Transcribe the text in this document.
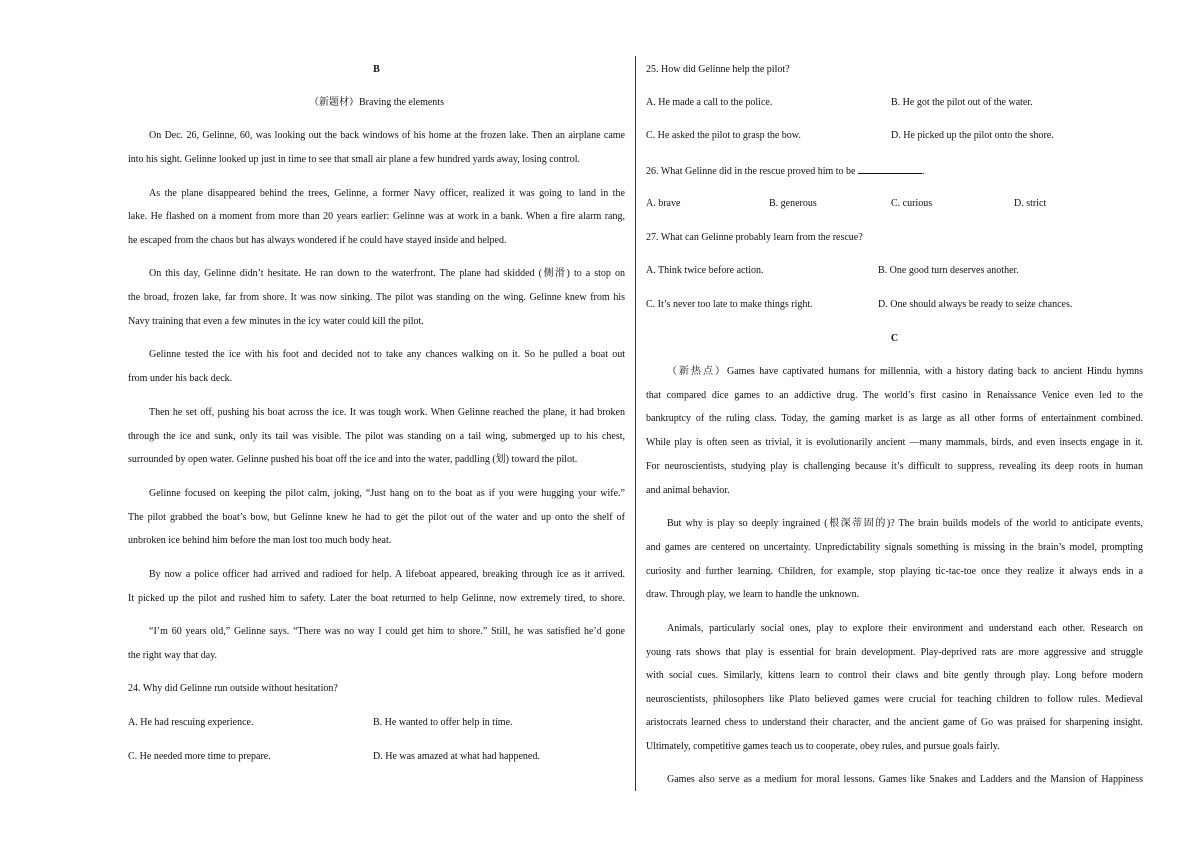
B
（新题材）Braving the elements
On Dec. 26, Gelinne, 60, was looking out the back windows of his home at the frozen lake. Then an airplane came
into his sight. Gelinne looked up just in time to see that small air plane a few hundred yards away, losing control.
As the plane disappeared behind the trees, Gelinne, a former Navy officer, realized it was going to land in the
lake. He flashed on a moment from more than 20 years earlier: Gelinne was at work in a bank. When a fire alarm rang,
he escaped from the chaos but has always wondered if he could have stayed inside and helped.
On this day, Gelinne didn’t hesitate. He ran down to the waterfront. The plane had skidded (侧滑) to a stop on
the broad, frozen lake, far from shore. It was now sinking. The pilot was standing on the wing. Gelinne knew from his
Navy training that even a few minutes in the icy water could kill the pilot.
Gelinne tested the ice with his foot and decided not to take any chances walking on it. So he pulled a boat out
from under his back deck.
Then he set off, pushing his boat across the ice. It was tough work. When Gelinne reached the plane, it had broken
through the ice and sunk, only its tail was visible. The pilot was standing on a tail wing, submerged up to his chest,
surrounded by open water. Gelinne pushed his boat off the ice and into the water, paddling (划) toward the pilot.
Gelinne focused on keeping the pilot calm, joking, “Just hang on to the boat as if you were hugging your wife.”
The pilot grabbed the boat’s bow, but Gelinne knew he had to get the pilot out of the water and up onto the shelf of
unbroken ice behind him before the man lost too much body heat.
By now a police officer had arrived and radioed for help. A lifeboat appeared, breaking through ice as it arrived.
It picked up the pilot and rushed him to safety. Later the boat returned to help Gelinne, now extremely tired, to shore.
“I’m 60 years old,” Gelinne says. “There was no way I could get him to shore.” Still, he was satisfied he’d gone
the right way that day.
24. Why did Gelinne run outside without hesitation?
A. He had rescuing experience.	B. He wanted to offer help in time.
C. He needed more time to prepare.	D. He was amazed at what had happened.
25. How did Gelinne help the pilot?
A. He made a call to the police.	B. He got the pilot out of the water.
C. He asked the pilot to grasp the bow.	D. He picked up the pilot onto the shore.
26. What Gelinne did in the rescue proved him to be	.
A. brave	B. generous	C. curious	D. strict
27. What can Gelinne probably learn from the rescue?
A. Think twice before action.	B. One good turn deserves another.
C. It’s never too late to make things right.	D. One should always be ready to seize chances.
C
（新热点）Games have captivated humans for millennia, with a history dating back to ancient Hindu hymns
that compared dice games to an addictive drug. The world’s first casino in Renaissance Venice even led to the
bankruptcy of the ruling class. Today, the gaming market is as large as all other forms of entertainment combined.
While play is often seen as trivial, it is evolutionarily ancient —many mammals, birds, and even insects engage in it.
For neuroscientists, studying play is challenging because it’s difficult to suppress, revealing its deep roots in human
and animal behavior.
But why is play so deeply ingrained (根深蒂固的)? The brain builds models of the world to anticipate events,
and games are centered on uncertainty. Unpredictability signals something is missing in the brain’s model, prompting
curiosity and further learning. Children, for example, stop playing tic-tac-toe once they realize it always ends in a
draw. Through play, we learn to handle the unknown.
Animals, particularly social ones, play to explore their environment and understand each other. Research on
young rats shows that play is essential for brain development. Play-deprived rats are more aggressive and struggle
with social cues. Similarly, kittens learn to control their claws and bite gently through play. Long before modern
neuroscientists, philosophers like Plato believed games were crucial for teaching children to follow rules. Medieval
aristocrats learned chess to understand their character, and the ancient game of Go was praised for sharpening insight.
Ultimately, competitive games teach us to cooperate, obey rules, and pursue goals fairly.
Games also serve as a medium for moral lessons. Games like Snakes and Ladders and the Mansion of Happiness
